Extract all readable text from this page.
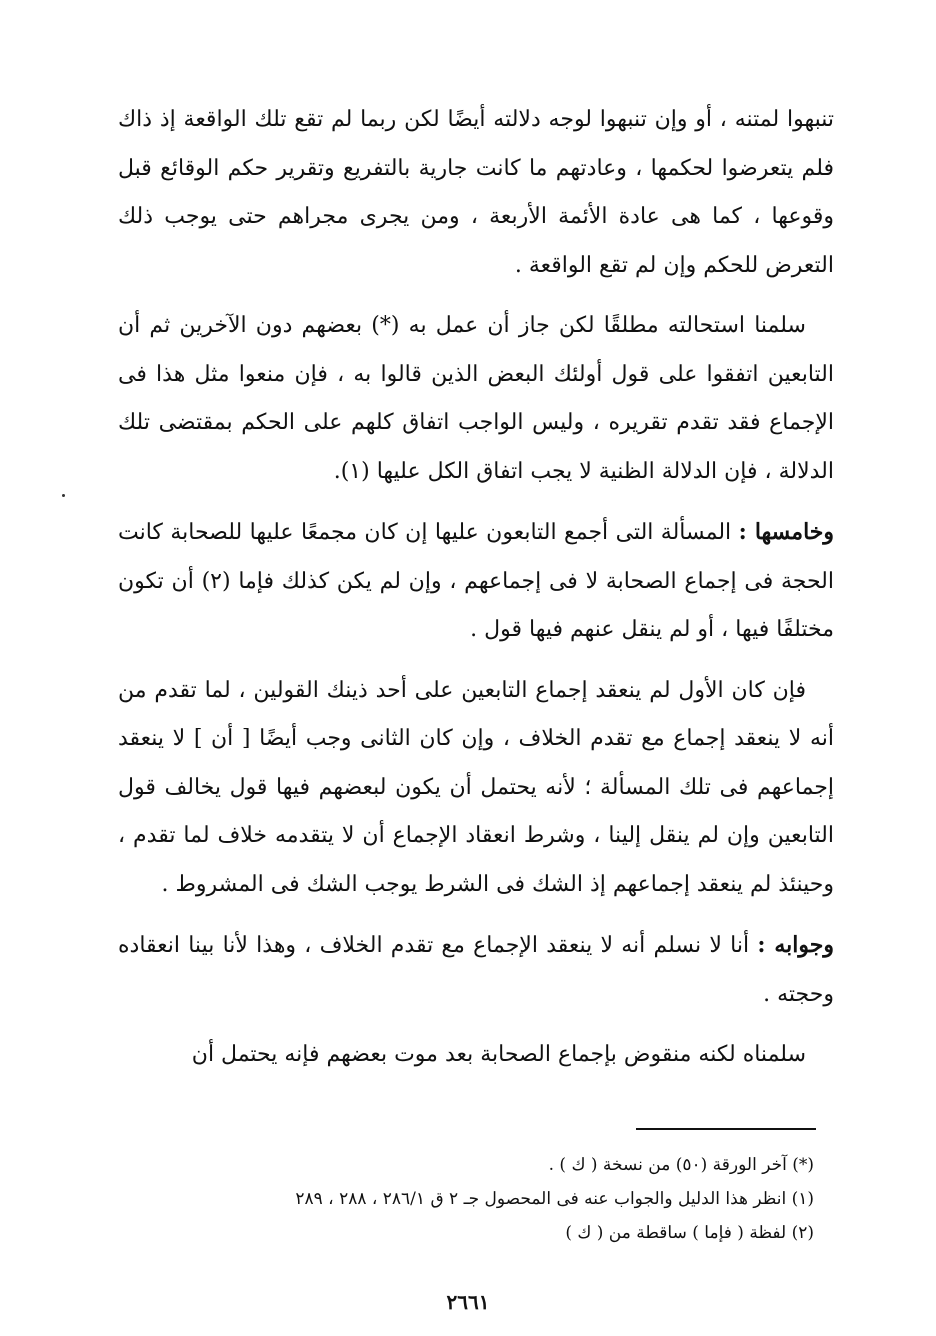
تنبهوا لمتنه ، أو وإن تنبهوا لوجه دلالته أيضًا لكن ربما لم تقع تلك الواقعة إذ ذاك فلم يتعرضوا لحكمها ، وعادتهم ما كانت جارية بالتفريع وتقرير حكم الوقائع قبل وقوعها ، كما هى عادة الأئمة الأربعة ، ومن يجرى مجراهم حتى يوجب ذلك التعرض للحكم وإن لم تقع الواقعة .

سلمنا استحالته مطلقًا لكن جاز أن عمل به (*) بعضهم دون الآخرين ثم أن التابعين اتفقوا على قول أولئك البعض الذين قالوا به ، فإن منعوا مثل هذا فى الإجماع فقد تقدم تقريره ، وليس الواجب اتفاق كلهم على الحكم بمقتضى تلك الدلالة ، فإن الدلالة الظنية لا يجب اتفاق الكل عليها (١).

وخامسها : المسألة التى أجمع التابعون عليها إن كان مجمعًا عليها للصحابة كانت الحجة فى إجماع الصحابة لا فى إجماعهم ، وإن لم يكن كذلك فإما (٢) أن تكون مختلفًا فيها ، أو لم ينقل عنهم فيها قول .

فإن كان الأول لم ينعقد إجماع التابعين على أحد ذينك القولين ، لما تقدم من أنه لا ينعقد إجماع مع تقدم الخلاف ، وإن كان الثانى وجب أيضًا [ أن ] لا ينعقد إجماعهم فى تلك المسألة ؛ لأنه يحتمل أن يكون لبعضهم فيها قول يخالف قول التابعين وإن لم ينقل إلينا ، وشرط انعقاد الإجماع أن لا يتقدمه خلاف لما تقدم ، وحينئذ لم ينعقد إجماعهم إذ الشك فى الشرط يوجب الشك فى المشروط .

وجوابه : أنا لا نسلم أنه لا ينعقد الإجماع مع تقدم الخلاف ، وهذا لأنا بينا انعقاده وحجته .

سلمناه لكنه منقوض بإجماع الصحابة بعد موت بعضهم فإنه يحتمل أن

(*) آخر الورقة (٥٠) من نسخة ( ك ) .

(١) انظر هذا الدليل والجواب عنه فى المحصول جـ ٢ ق ٢٨٦/١ ، ٢٨٨ ، ٢٨٩

(٢) لفظة ( فإما ) ساقطة من ( ك )

٢٦٦١
